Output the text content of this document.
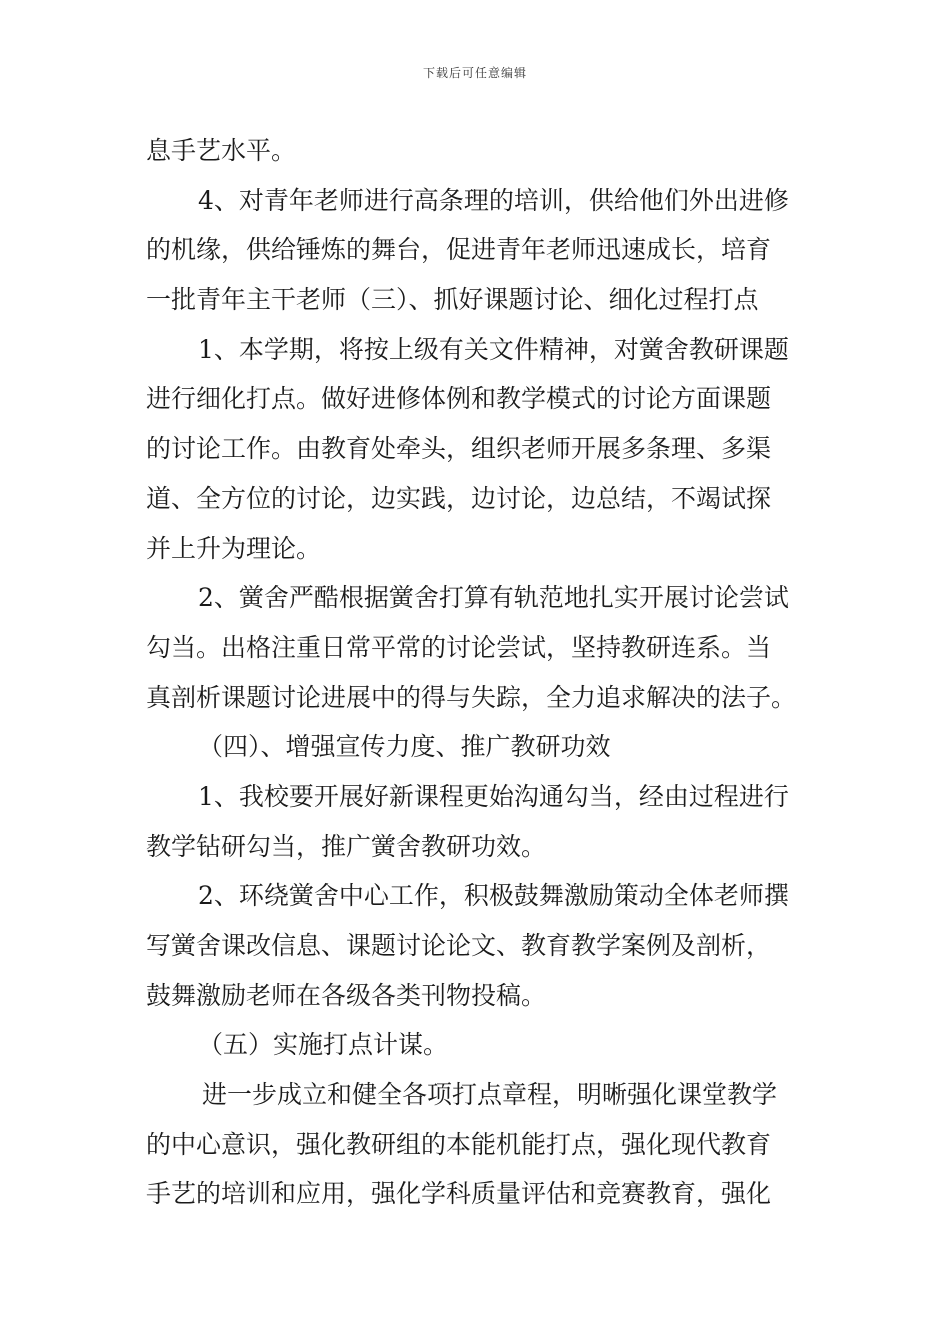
下载后可任意编辑
息手艺水平。
4、对青年老师进行高条理的培训，供给他们外出进修
的机缘，供给锤炼的舞台，促进青年老师迅速成长，培育
一批青年主干老师（三）、抓好课题讨论、细化过程打点
1、本学期，将按上级有关文件精神，对黉舍教研课题
进行细化打点。做好进修体例和教学模式的讨论方面课题
的讨论工作。由教育处牵头，组织老师开展多条理、多渠
道、全方位的讨论，边实践，边讨论，边总结，不竭试探
并上升为理论。
2、黉舍严酷根据黉舍打算有轨范地扎实开展讨论尝试
勾当。出格注重日常平常的讨论尝试，坚持教研连系。当
真剖析课题讨论进展中的得与失踪，全力追求解决的法子。
（四）、增强宣传力度、推广教研功效
1、我校要开展好新课程更始沟通勾当，经由过程进行
教学钻研勾当，推广黉舍教研功效。
2、环绕黉舍中心工作，积极鼓舞激励策动全体老师撰
写黉舍课改信息、课题讨论论文、教育教学案例及剖析，
鼓舞激励老师在各级各类刊物投稿。
（五）实施打点计谋。
进一步成立和健全各项打点章程，明晰强化课堂教学
的中心意识，强化教研组的本能机能打点，强化现代教育
手艺的培训和应用，强化学科质量评估和竞赛教育，强化
